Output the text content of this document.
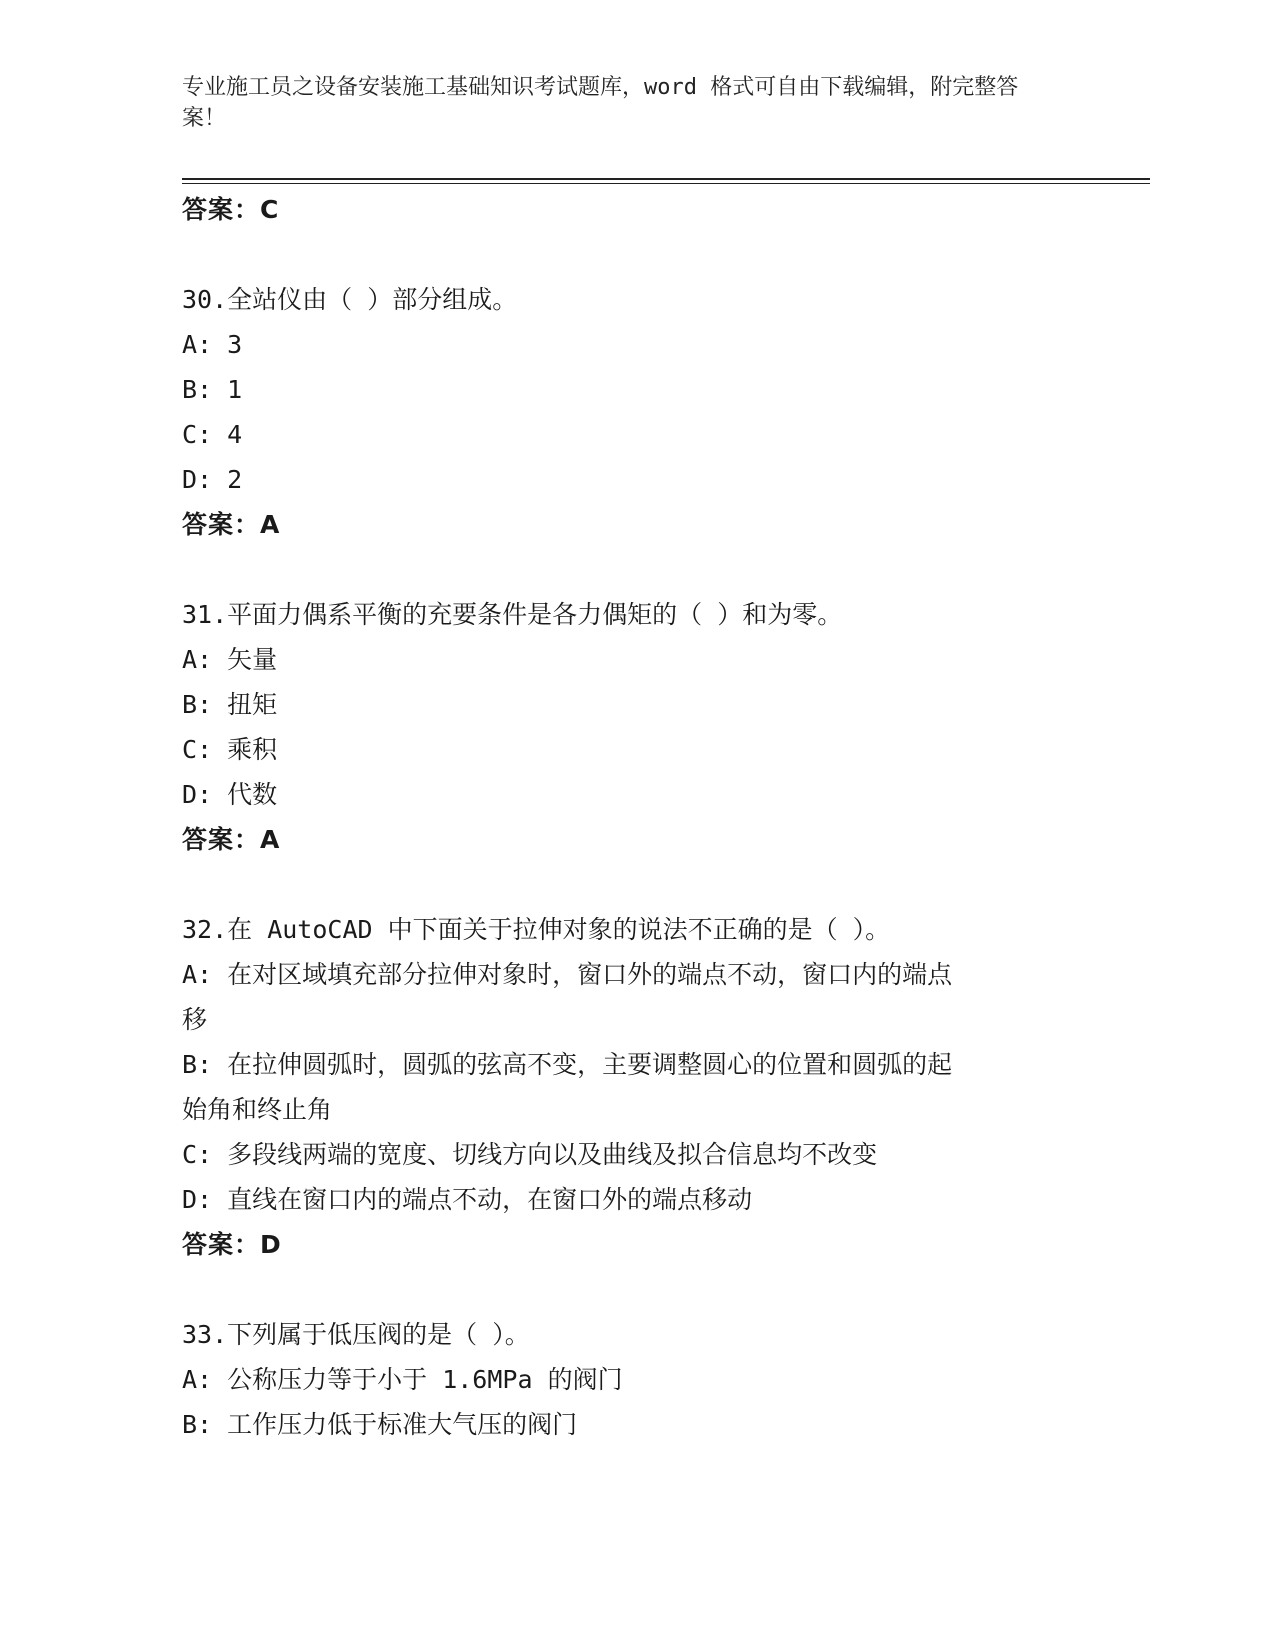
专业施工员之设备安装施工基础知识考试题库，word 格式可自由下载编辑，附完整答案！

答案：C

30.全站仪由（ ）部分组成。

A: 3

B: 1

C: 4

D: 2

答案：A

31.平面力偶系平衡的充要条件是各力偶矩的（ ）和为零。

A: 矢量

B: 扭矩

C: 乘积

D: 代数

答案：A

32.在 AutoCAD 中下面关于拉伸对象的说法不正确的是（ ）。

A: 在对区域填充部分拉伸对象时，窗口外的端点不动，窗口内的端点

移

B: 在拉伸圆弧时，圆弧的弦高不变，主要调整圆心的位置和圆弧的起

始角和终止角

C: 多段线两端的宽度、切线方向以及曲线及拟合信息均不改变

D: 直线在窗口内的端点不动，在窗口外的端点移动

答案：D

33.下列属于低压阀的是（ ）。

A: 公称压力等于小于 1.6MPa 的阀门

B: 工作压力低于标准大气压的阀门
